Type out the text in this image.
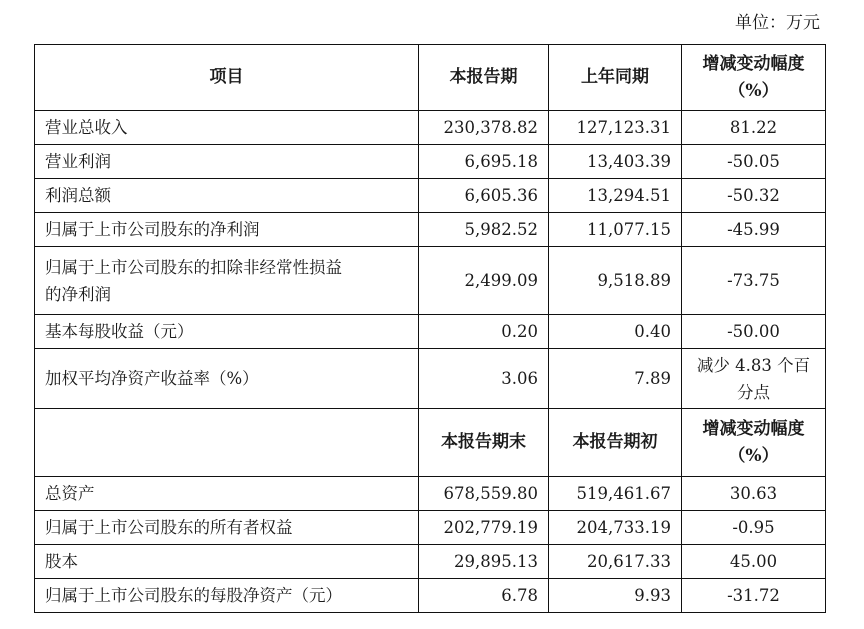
单位：万元
项目	本报告期	上年同期	增减变动幅度
（%）

营业总收入	230,378.82	127,123.31	81.22
营业利润	6,695.18	13,403.39	-50.05
利润总额	6,605.36	13,294.51	-50.32
归属于上市公司股东的净利润	5,982.52	11,077.15	-45.99

归属于上市公司股东的扣除非经常性损益
的净利润	2,499.09	9,518.89	-73.75
基本每股收益（元）	0.20	0.40	-50.00
加权平均净资产收益率（%）	3.06	7.89	减少 4.83 个百
分点

	本报告期末	本报告期初	增减变动幅度
（%）

总资产	678,559.80	519,461.67	30.63
归属于上市公司股东的所有者权益	202,779.19	204,733.19	-0.95
股本	29,895.13	20,617.33	45.00
归属于上市公司股东的每股净资产（元）	6.78	9.93	-31.72
